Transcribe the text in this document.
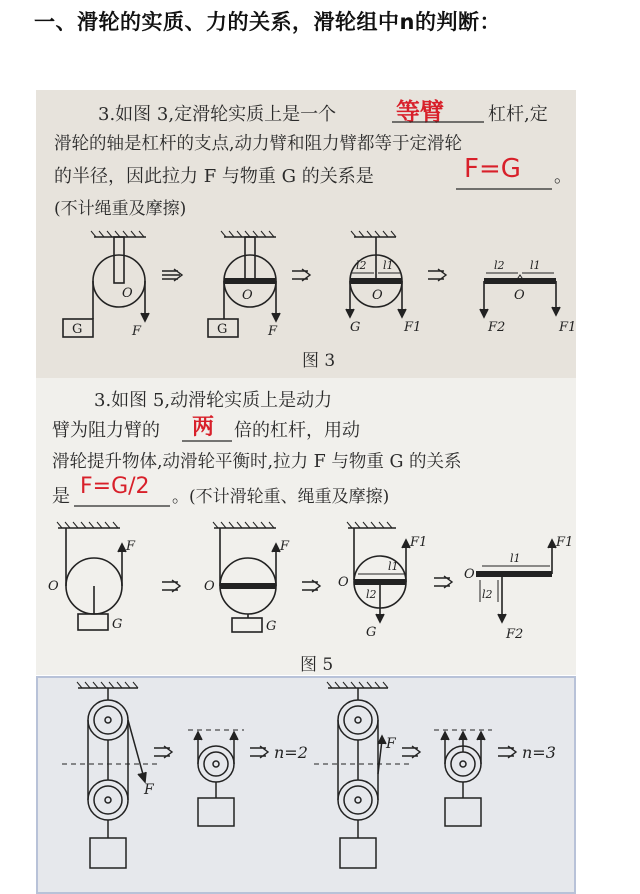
一、滑轮的实质、力的关系，滑轮组中n的判断：
3.如图 3,定滑轮实质上是一个 等臂 杠杆,定
滑轮的轴是杠杆的支点,动力臂和阻力臂都等于定滑轮
的半径，因此拉力 F 与物重 G 的关系是	F=G 。
(不计绳重及摩擦)
G	F
O
G	F
O
l2 l1
O
G	F1
l2 l1
O
F2	F1
图 3
3.如图 5,动滑轮实质上是动力
臂为阻力臂的 两 倍的杠杆，用动
滑轮提升物体,动滑轮平衡时,拉力 F 与物重 G 的关系
是 F=G/2 。(不计滑轮重、绳重及摩擦)
O
F
G
O
F
G
l1
l2
O
F1
G
l1
l2
O
F1
F2
图 5
F
n=2	F	n=3
